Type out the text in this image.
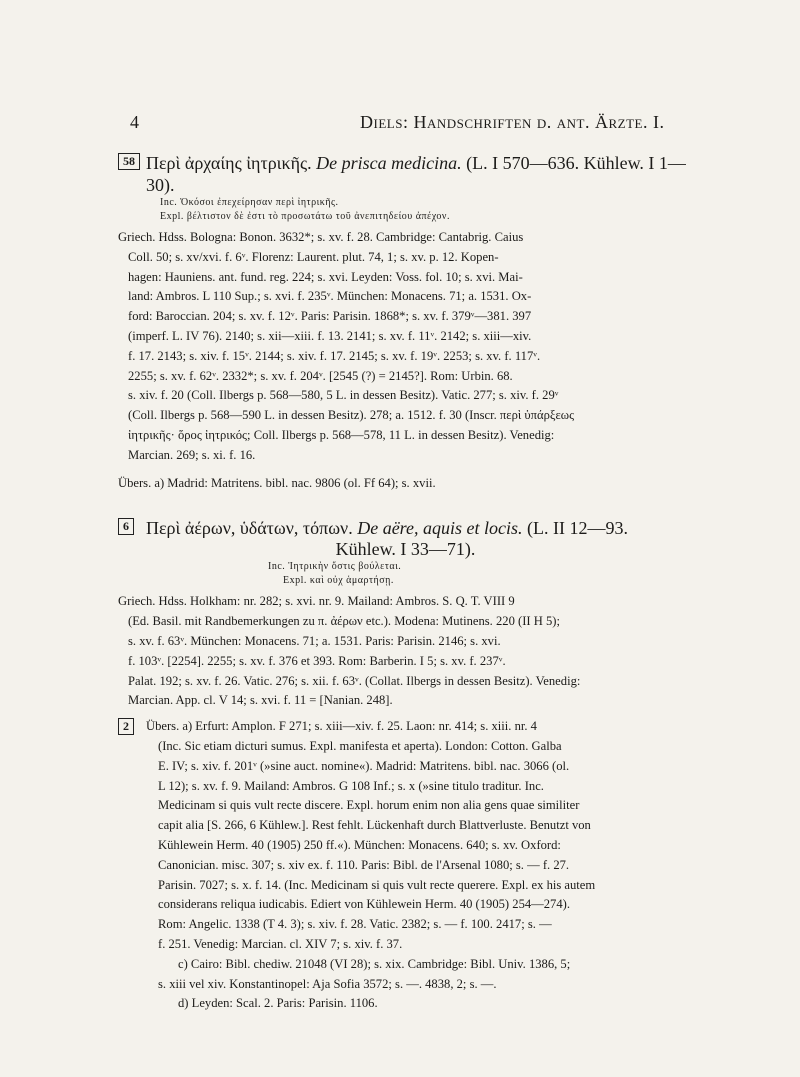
4	Diels: Handschriften d. ant. Ärzte. I.
58 Περὶ ἀρχαίης ἰητρικῆς. De prisca medicina. (L. I 570—636. Kühlew. I 1—30).
Inc. Ὁκόσοι ἐπεχείρησαν περὶ ἰητρικῆς.
Expl. βέλτιστον δὲ ἐστι τὸ προσωτάτω τοῦ ἀνεπιτηδείου ἀπέχον.
Griech. Hdss. Bologna: Bonon. 3632*; s. xv. f. 28. Cambridge: Cantabrig. Caius
Coll. 50; s. xv/xvi. f. 6ᵛ. Florenz: Laurent. plut. 74, 1; s. xv. p. 12. Kopen-
hagen: Hauniens. ant. fund. reg. 224; s. xvi. Leyden: Voss. fol. 10; s. xvi. Mai-
land: Ambros. L 110 Sup.; s. xvi. f. 235ᵛ. München: Monacens. 71; a. 1531. Ox-
ford: Baroccian. 204; s. xv. f. 12ᵛ. Paris: Parisin. 1868*; s. xv. f. 379ᵛ—381. 397
(imperf. L. IV 76). 2140; s. xii—xiii. f. 13. 2141; s. xv. f. 11ᵛ. 2142; s. xiii—xiv.
f. 17. 2143; s. xiv. f. 15ᵛ. 2144; s. xiv. f. 17. 2145; s. xv. f. 19ᵛ. 2253; s. xv. f. 117ᵛ.
2255; s. xv. f. 62ᵛ. 2332*; s. xv. f. 204ᵛ. [2545 (?) = 2145?]. Rom: Urbin. 68.
s. xiv. f. 20 (Coll. Ilbergs p. 568—580, 5 L. in dessen Besitz). Vatic. 277; s. xiv. f. 29ᵛ
(Coll. Ilbergs p. 568—590 L. in dessen Besitz). 278; a. 1512. f. 30 (Inscr. περὶ ὑπάρξεως
ἰητρικῆς· ὅρος ἰητρικός; Coll. Ilbergs p. 568—578, 11 L. in dessen Besitz). Venedig:
Marcian. 269; s. xi. f. 16.
Übers. a) Madrid: Matritens. bibl. nac. 9806 (ol. Ff 64); s. xvii.
6 Περὶ ἀέρων, ὑδάτων, τόπων. De aëre, aquis et locis. (L. II 12—93.
Kühlew. I 33—71).
Inc. Ἰητρικὴν ὅστις βούλεται.
Expl. καὶ οὐχ ἁμαρτήσῃ.
Griech. Hdss. Holkham: nr. 282; s. xvi. nr. 9. Mailand: Ambros. S. Q. T. VIII 9
(Ed. Basil. mit Randbemerkungen zu π. ἀέρων etc.). Modena: Mutinens. 220 (II H 5);
s. xv. f. 63ᵛ. München: Monacens. 71; a. 1531. Paris: Parisin. 2146; s. xvi.
f. 103ᵛ. [2254]. 2255; s. xv. f. 376 et 393. Rom: Barberin. I 5; s. xv. f. 237ᵛ.
Palat. 192; s. xv. f. 26. Vatic. 276; s. xii. f. 63ᵛ. (Collat. Ilbergs in dessen Besitz). Venedig:
Marcian. App. cl. V 14; s. xvi. f. 11 = [Nanian. 248].
2	Übers. a) Erfurt: Amplon. F 271; s. xiii—xiv. f. 25. Laon: nr. 414; s. xiii. nr. 4
(Inc. Sic etiam dicturi sumus. Expl. manifesta et aperta). London: Cotton. Galba
E. IV; s. xiv. f. 201ᵛ (»sine auct. nomine«). Madrid: Matritens. bibl. nac. 3066 (ol.
L 12); s. xv. f. 9. Mailand: Ambros. G 108 Inf.; s. x (»sine titulo traditur. Inc.
Medicinam si quis vult recte discere. Expl. horum enim non alia gens quae similiter
capit alia [S. 266, 6 Kühlew.]. Rest fehlt. Lückenhaft durch Blattverluste. Benutzt von
Kühlewein Herm. 40 (1905) 250 ff.«). München: Monacens. 640; s. xv. Oxford:
Canonician. misc. 307; s. xiv ex. f. 110. Paris: Bibl. de l'Arsenal 1080; s. — f. 27.
Parisin. 7027; s. x. f. 14. (Inc. Medicinam si quis vult recte querere. Expl. ex his autem
considerans reliqua iudicabis. Ediert von Kühlewein Herm. 40 (1905) 254—274).
Rom: Angelic. 1338 (T 4. 3); s. xiv. f. 28. Vatic. 2382; s. — f. 100. 2417; s. —
f. 251. Venedig: Marcian. cl. XIV 7; s. xiv. f. 37.
c) Cairo: Bibl. chediw. 21048 (VI 28); s. xix. Cambridge: Bibl. Univ. 1386, 5;
s. xiii vel xiv. Konstantinopel: Aja Sofia 3572; s. —. 4838, 2; s. —.
d) Leyden: Scal. 2. Paris: Parisin. 1106.
